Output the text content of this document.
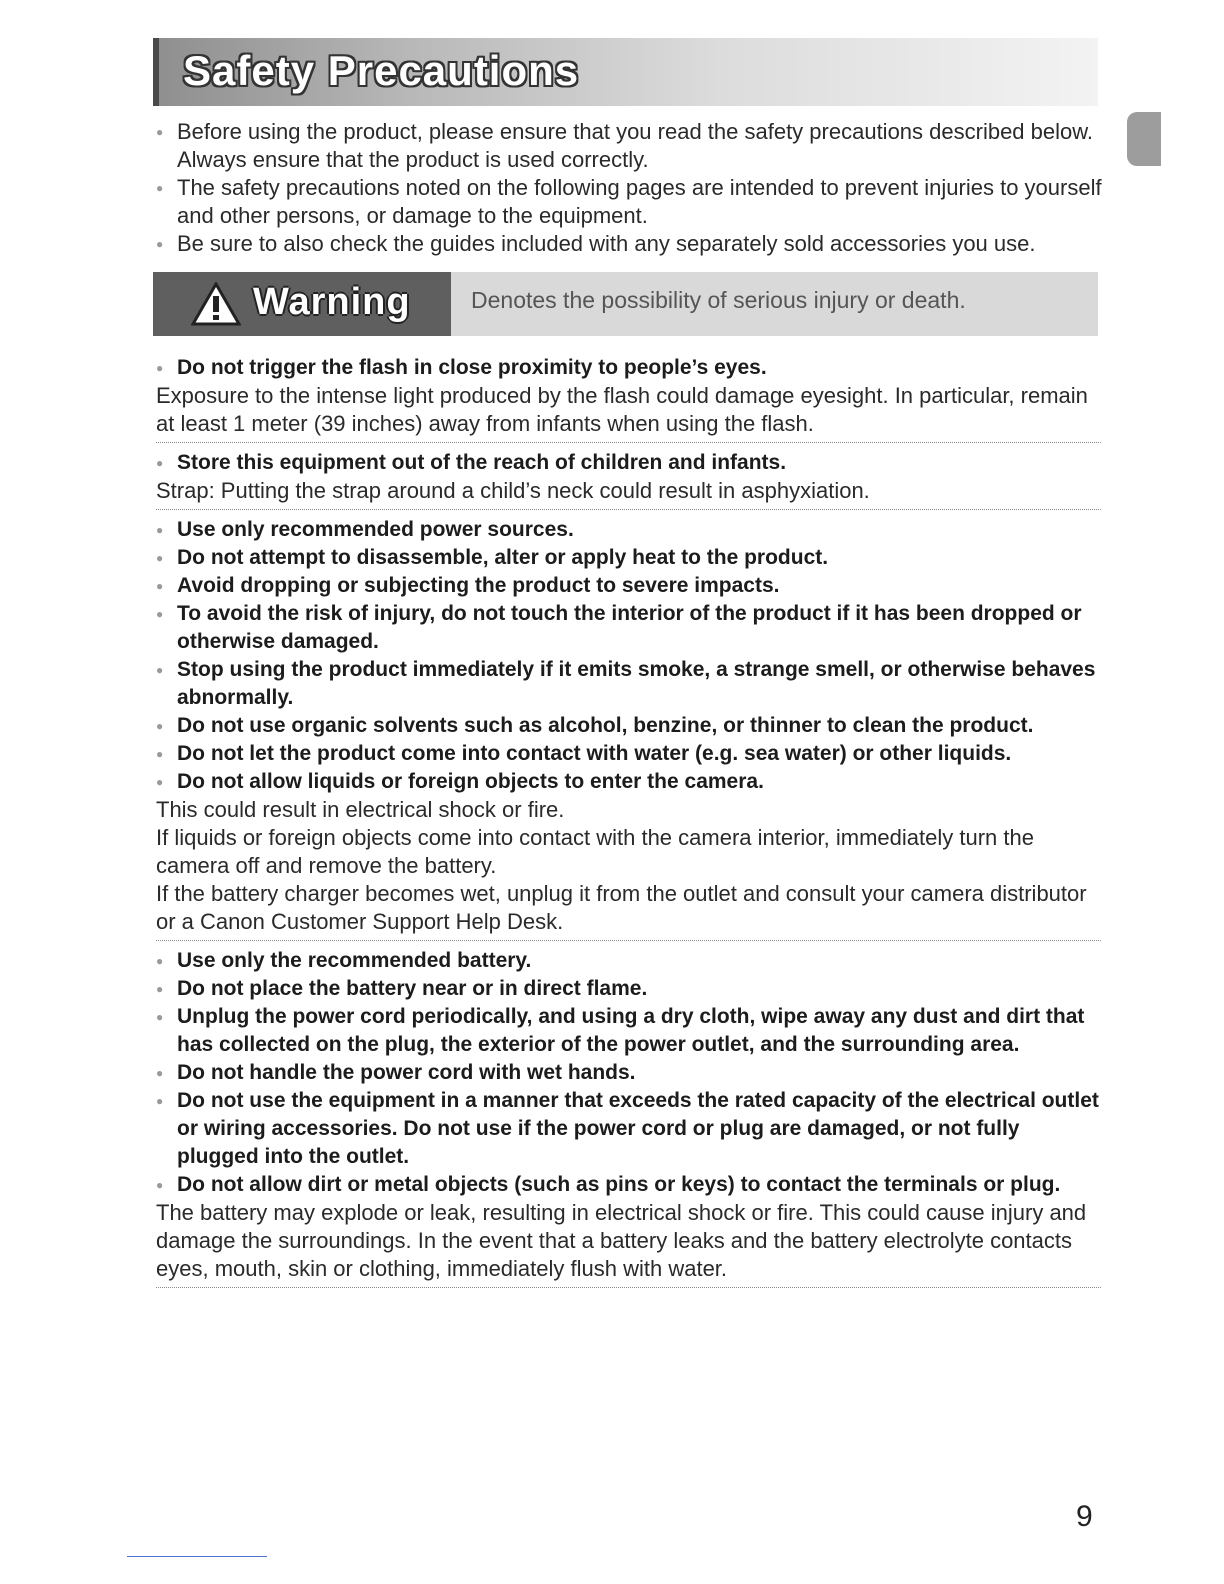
Safety Precautions
● Before using the product, please ensure that you read the safety precautions described below. Always ensure that the product is used correctly.
● The safety precautions noted on the following pages are intended to prevent injuries to yourself and other persons, or damage to the equipment.
● Be sure to also check the guides included with any separately sold accessories you use.
Warning	Denotes the possibility of serious injury or death.
● Do not trigger the flash in close proximity to people’s eyes.
Exposure to the intense light produced by the flash could damage eyesight. In particular, remain at least 1 meter (39 inches) away from infants when using the flash.
● Store this equipment out of the reach of children and infants.
Strap: Putting the strap around a child’s neck could result in asphyxiation.
● Use only recommended power sources.
● Do not attempt to disassemble, alter or apply heat to the product.
● Avoid dropping or subjecting the product to severe impacts.
● To avoid the risk of injury, do not touch the interior of the product if it has been dropped or otherwise damaged.
● Stop using the product immediately if it emits smoke, a strange smell, or otherwise behaves abnormally.
● Do not use organic solvents such as alcohol, benzine, or thinner to clean the product.
● Do not let the product come into contact with water (e.g. sea water) or other liquids.
● Do not allow liquids or foreign objects to enter the camera.
This could result in electrical shock or fire.
If liquids or foreign objects come into contact with the camera interior, immediately turn the camera off and remove the battery.
If the battery charger becomes wet, unplug it from the outlet and consult your camera distributor or a Canon Customer Support Help Desk.
● Use only the recommended battery.
● Do not place the battery near or in direct flame.
● Unplug the power cord periodically, and using a dry cloth, wipe away any dust and dirt that has collected on the plug, the exterior of the power outlet, and the surrounding area.
● Do not handle the power cord with wet hands.
● Do not use the equipment in a manner that exceeds the rated capacity of the electrical outlet or wiring accessories. Do not use if the power cord or plug are damaged, or not fully plugged into the outlet.
● Do not allow dirt or metal objects (such as pins or keys) to contact the terminals or plug.
The battery may explode or leak, resulting in electrical shock or fire. This could cause injury and damage the surroundings. In the event that a battery leaks and the battery electrolyte contacts eyes, mouth, skin or clothing, immediately flush with water.
9
